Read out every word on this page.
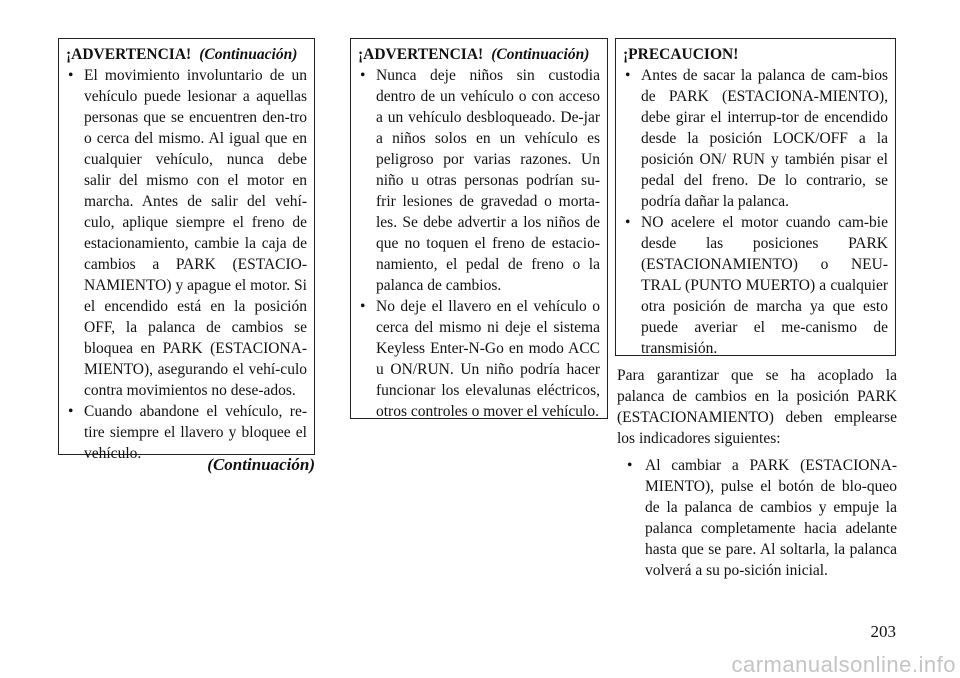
¡ADVERTENCIA! (Continuación)
• El movimiento involuntario de un vehículo puede lesionar a aquellas personas que se encuentren den-tro o cerca del mismo. Al igual que en cualquier vehículo, nunca debe salir del mismo con el motor en marcha. Antes de salir del vehí-culo, aplique siempre el freno de estacionamiento, cambie la caja de cambios a PARK (ESTACIO-NAMIENTO) y apague el motor. Si el encendido está en la posición OFF, la palanca de cambios se bloquea en PARK (ESTACIONA-MIENTO), asegurando el vehí-culo contra movimientos no dese-ados.
• Cuando abandone el vehículo, re-tire siempre el llavero y bloquee el vehículo.
(Continuación)
¡ADVERTENCIA! (Continuación)
• Nunca deje niños sin custodia dentro de un vehículo o con acceso a un vehículo desbloqueado. De-jar a niños solos en un vehículo es peligroso por varias razones. Un niño u otras personas podrían su-frir lesiones de gravedad o morta-les. Se debe advertir a los niños de que no toquen el freno de estacio-namiento, el pedal de freno o la palanca de cambios.
• No deje el llavero en el vehículo o cerca del mismo ni deje el sistema Keyless Enter-N-Go en modo ACC u ON/RUN. Un niño podría hacer funcionar los elevalunas eléctricos, otros controles o mover el vehículo.
¡PRECAUCION!
• Antes de sacar la palanca de cam-bios de PARK (ESTACIONA-MIENTO), debe girar el interrup-tor de encendido desde la posición LOCK/OFF a la posición ON/ RUN y también pisar el pedal del freno. De lo contrario, se podría dañar la palanca.
• NO acelere el motor cuando cam-bie desde las posiciones PARK (ESTACIONAMIENTO) o NEU-TRAL (PUNTO MUERTO) a cualquier otra posición de marcha ya que esto puede averiar el me-canismo de transmisión.
Para garantizar que se ha acoplado la palanca de cambios en la posición PARK (ESTACIONAMIENTO) deben emplearse los indicadores siguientes:
• Al cambiar a PARK (ESTACIONA-MIENTO), pulse el botón de blo-queo de la palanca de cambios y empuje la palanca completamente hacia adelante hasta que se pare. Al soltarla, la palanca volverá a su po-sición inicial.
203
carmanualsonline.info
